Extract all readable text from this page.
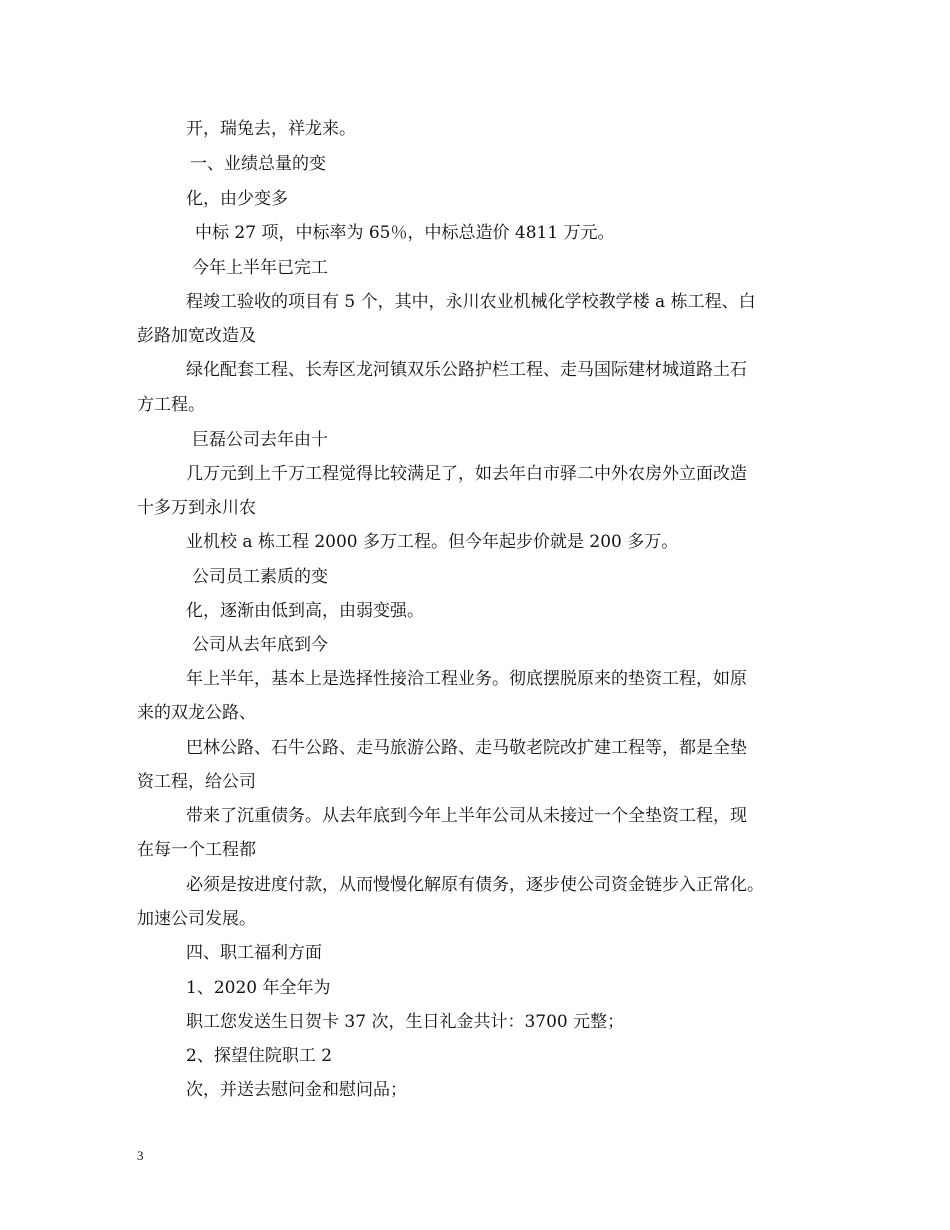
开，瑞兔去，祥龙来。
一、业绩总量的变
化，由少变多
中标 27 项，中标率为 65％，中标总造价 4811 万元。
今年上半年已完工
程竣工验收的项目有 5 个，其中，永川农业机械化学校教学楼 a 栋工程、白
彭路加宽改造及
绿化配套工程、长寿区龙河镇双乐公路护栏工程、走马国际建材城道路土石
方工程。
巨磊公司去年由十
几万元到上千万工程觉得比较满足了，如去年白市驿二中外农房外立面改造
十多万到永川农
业机校 a 栋工程 2000 多万工程。但今年起步价就是 200 多万。
公司员工素质的变
化，逐渐由低到高，由弱变强。
公司从去年底到今
年上半年，基本上是选择性接洽工程业务。彻底摆脱原来的垫资工程，如原
来的双龙公路、
巴林公路、石牛公路、走马旅游公路、走马敬老院改扩建工程等，都是全垫
资工程，给公司
带来了沉重债务。从去年底到今年上半年公司从未接过一个全垫资工程，现
在每一个工程都
必须是按进度付款，从而慢慢化解原有债务，逐步使公司资金链步入正常化。
加速公司发展。
四、职工福利方面
1、2020 年全年为
职工您发送生日贺卡 37 次，生日礼金共计：3700 元整；
2、探望住院职工 2
次，并送去慰问金和慰问品；
3
